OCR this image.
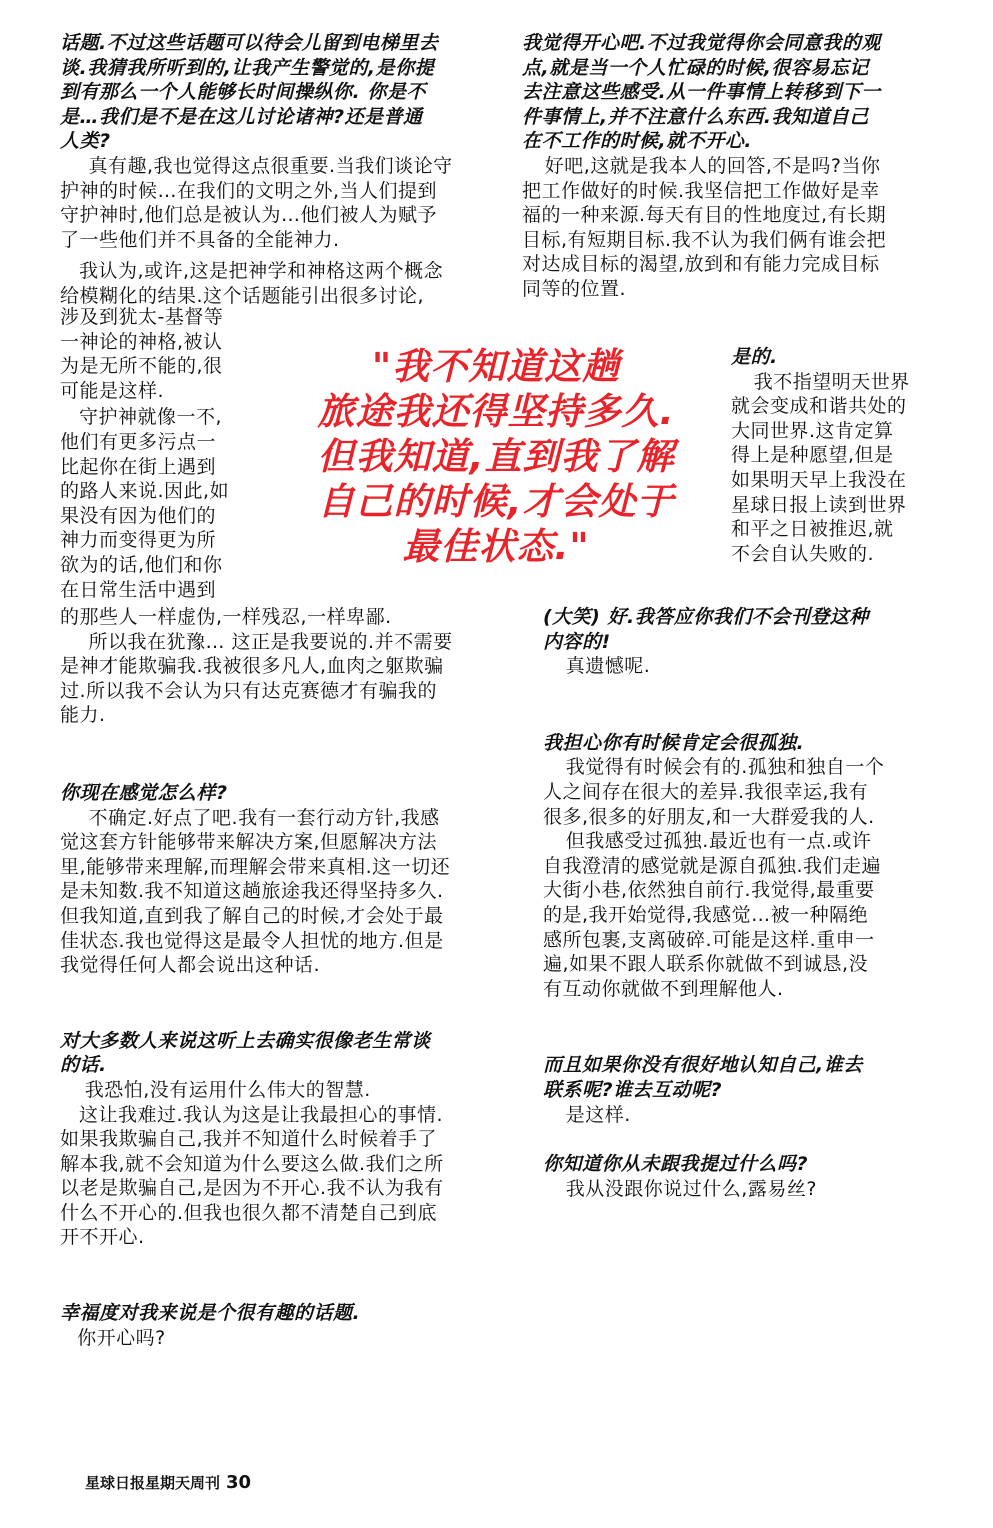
话题.不过这些话题可以待会儿留到电梯里去
谈.我猜我所听到的,让我产生警觉的,是你提
到有那么一个人能够长时间操纵你. 你是不
是…我们是不是在这儿讨论诸神?还是普通
人类?
真有趣,我也觉得这点很重要.当我们谈论守
护神的时候…在我们的文明之外,当人们提到
守护神时,他们总是被认为…他们被人为赋予
了一些他们并不具备的全能神力.
我认为,或许,这是把神学和神格这两个概念
给模糊化的结果.这个话题能引出很多讨论,
涉及到犹太-基督等
一神论的神格,被认
为是无所不能的,很
可能是这样.
守护神就像一不,
他们有更多污点一
比起你在街上遇到
的路人来说.因此,如
果没有因为他们的
神力而变得更为所
欲为的话,他们和你
在日常生活中遇到
的那些人一样虚伪,一样残忍,一样卑鄙.
所以我在犹豫… 这正是我要说的.并不需要
是神才能欺骗我.我被很多凡人,血肉之躯欺骗
过.所以我不会认为只有达克赛德才有骗我的
能力.
你现在感觉怎么样?
不确定.好点了吧.我有一套行动方针,我感
觉这套方针能够带来解决方案,但愿解决方法
里,能够带来理解,而理解会带来真相.这一切还
是未知数.我不知道这趟旅途我还得坚持多久.
但我知道,直到我了解自己的时候,才会处于最
佳状态.我也觉得这是最令人担忧的地方.但是
我觉得任何人都会说出这种话.
对大多数人来说这听上去确实很像老生常谈
的话.
我恐怕,没有运用什么伟大的智慧.
这让我难过.我认为这是让我最担心的事情.
如果我欺骗自己,我并不知道什么时候着手了
解本我,就不会知道为什么要这么做.我们之所
以老是欺骗自己,是因为不开心.我不认为我有
什么不开心的.但我也很久都不清楚自己到底
开不开心.
幸福度对我来说是个很有趣的话题.
你开心吗?
我觉得开心吧.不过我觉得你会同意我的观
点,就是当一个人忙碌的时候,很容易忘记
去注意这些感受.从一件事情上转移到下一
件事情上,并不注意什么东西.我知道自己
在不工作的时候,就不开心.
好吧,这就是我本人的回答,不是吗?当你
把工作做好的时候.我坚信把工作做好是幸
福的一种来源.每天有目的性地度过,有长期
目标,有短期目标.我不认为我们俩有谁会把
对达成目标的渴望,放到和有能力完成目标
同等的位置.
是的.
我不指望明天世界
就会变成和谐共处的
大同世界.这肯定算
得上是种愿望,但是
如果明天早上我没在
星球日报上读到世界
和平之日被推迟,就
不会自认失败的.
(大笑) 好.我答应你我们不会刊登这种
内容的!
真遗憾呢.
我担心你有时候肯定会很孤独.
我觉得有时候会有的.孤独和独自一个
人之间存在很大的差异.我很幸运,我有
很多,很多的好朋友,和一大群爱我的人.
但我感受过孤独.最近也有一点.或许
自我澄清的感觉就是源自孤独.我们走遍
大街小巷,依然独自前行.我觉得,最重要
的是,我开始觉得,我感觉…被一种隔绝
感所包裹,支离破碎.可能是这样.重申一
遍,如果不跟人联系你就做不到诚恳,没
有互动你就做不到理解他人.
而且如果你没有很好地认知自己,谁去
联系呢?谁去互动呢?
是这样.
你知道你从未跟我提过什么吗?
我从没跟你说过什么,露易丝?
"我不知道这趟
旅途我还得坚持多久.
但我知道,直到我了解
自己的时候,才会处于
最佳状态."
星球日报星期天周刊 30
